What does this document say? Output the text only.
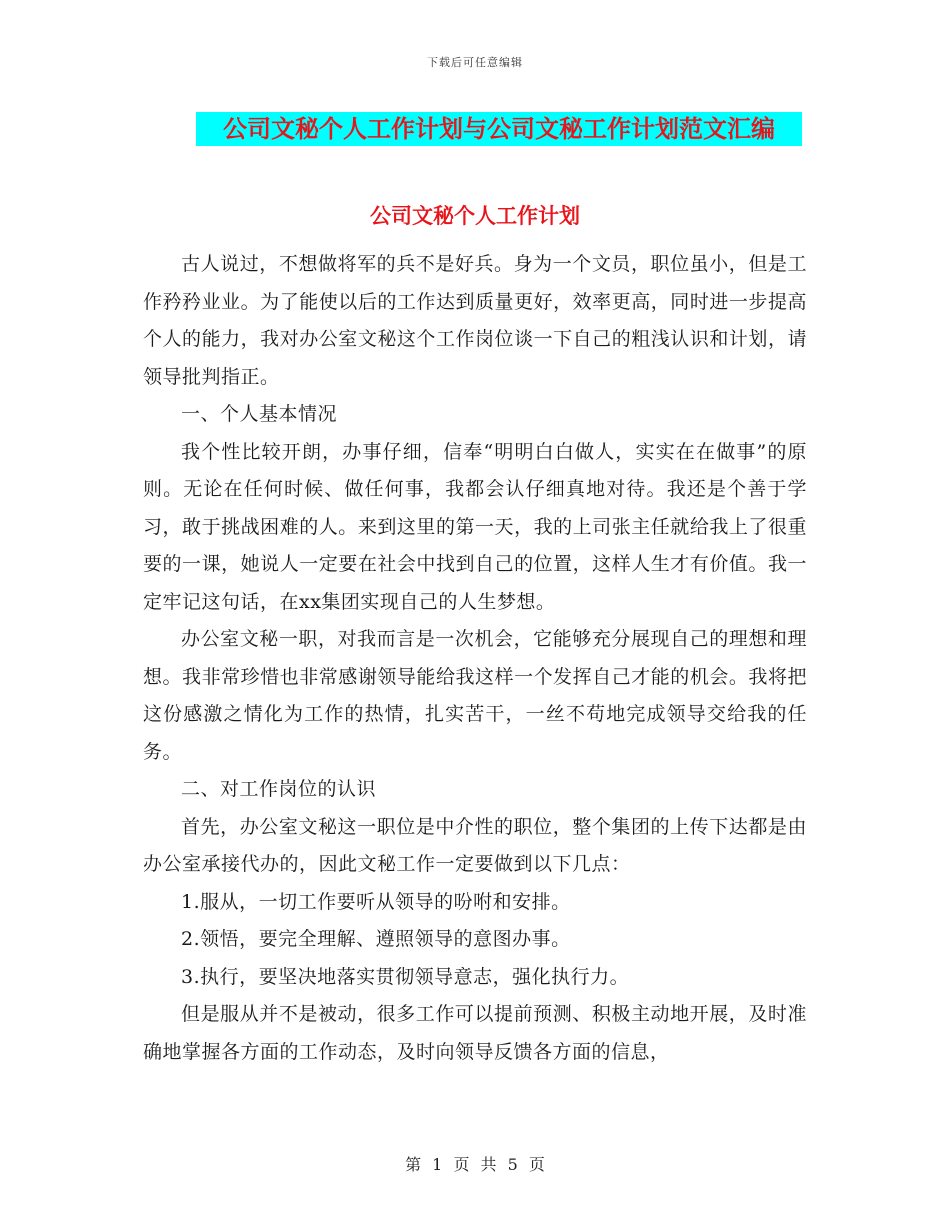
下载后可任意编辑
公司文秘个人工作计划与公司文秘工作计划范文汇编
公司文秘个人工作计划

古人说过，不想做将军的兵不是好兵。身为一个文员，职位虽小，但是工作矜矜业业。为了能使以后的工作达到质量更好，效率更高，同时进一步提高个人的能力，我对办公室文秘这个工作岗位谈一下自己的粗浅认识和计划，请领导批判指正。

一、个人基本情况

我个性比较开朗，办事仔细，信奉“明明白白做人，实实在在做事”的原则。无论在任何时候、做任何事，我都会认仔细真地对待。我还是个善于学习，敢于挑战困难的人。来到这里的第一天，我的上司张主任就给我上了很重要的一课，她说人一定要在社会中找到自己的位置，这样人生才有价值。我一定牢记这句话，在xx集团实现自己的人生梦想。

办公室文秘一职，对我而言是一次机会，它能够充分展现自己的理想和理想。我非常珍惜也非常感谢领导能给我这样一个发挥自己才能的机会。我将把这份感激之情化为工作的热情，扎实苦干，一丝不苟地完成领导交给我的任务。

二、对工作岗位的认识

首先，办公室文秘这一职位是中介性的职位，整个集团的上传下达都是由办公室承接代办的，因此文秘工作一定要做到以下几点：

1.服从，一切工作要听从领导的吩咐和安排。

2.领悟，要完全理解、遵照领导的意图办事。

3.执行，要坚决地落实贯彻领导意志，强化执行力。

但是服从并不是被动，很多工作可以提前预测、积极主动地开展，及时准确地掌握各方面的工作动态，及时向领导反馈各方面的信息，

第 1 页 共 5 页
